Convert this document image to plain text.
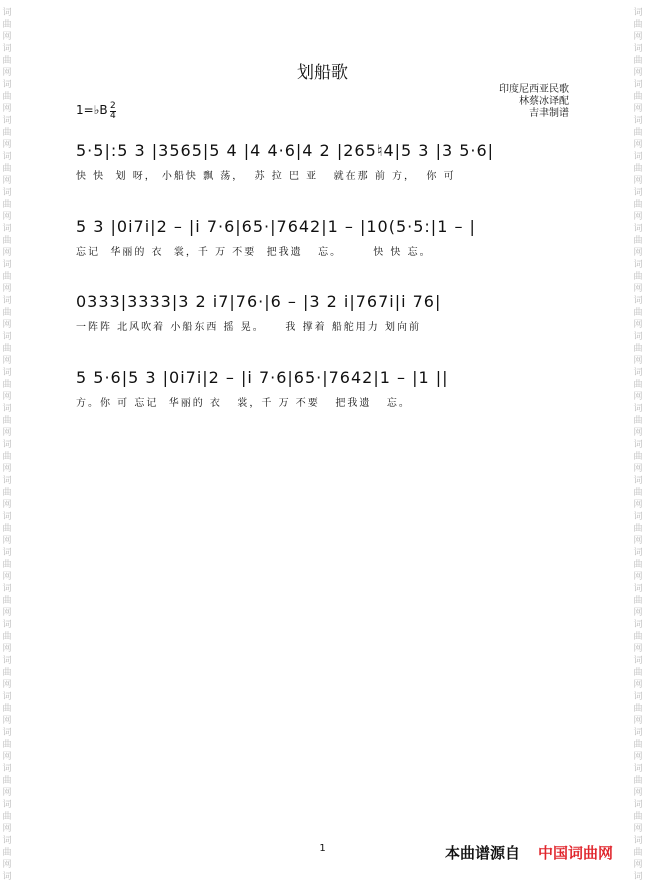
词
曲
网
词
曲
网
词
曲
网
词
曲
网
词
曲
网
词
曲
网
词
曲
网
词
曲
网
词
曲
网
词
曲
网
词
曲
网
词
曲
网
词
曲
网
词
曲
网
词
曲
网
词
曲
网
词
曲
网
词
曲
网
词
曲
网
词
曲
网
词
曲
网
词
曲
网
词
曲
网
词
曲
网
词
词
曲
网
词
曲
网
词
曲
网
词
曲
网
词
曲
网
词
曲
网
词
曲
网
词
曲
网
词
曲
网
词
曲
网
词
曲
网
词
曲
网
词
曲
网
词
曲
网
词
曲
网
词
曲
网
词
曲
网
词
曲
网
词
曲
网
词
曲
网
词
曲
网
词
曲
网
词
曲
网
词
曲
网
词
划船歌
印度尼西亚民歌
林蔡冰译配
吉聿制谱
1=♭B 2
4
5·5|:5 3 |3565|5 4 |4 4·6|4 2 |265♮4|5 3 |3 5·6|
快 快  划 呀， 小船快 飘 荡，  苏 拉 巴 亚   就在那 前 方，  你 可
5 3 |0i7i|2 – |i 7·6|65·|7642|1 – |10(5·5:|1 – |
忘记  华丽的 衣  裳，千 万 不要  把我遗   忘。      快 快 忘。
0333|3333|3 2 i7|76·|6 – |3 2 i|767i|i 76|
一阵阵 北风吹着 小船东西 摇 晃。    我 撑着 船舵用力 划向前
5 5·6|5 3 |0i7i|2 – |i 7·6|65·|7642|1 – |1 ||
方。你 可 忘记  华丽的 衣   裳，千 万 不要   把我遗   忘。
1	本曲谱源自 中国词曲网
